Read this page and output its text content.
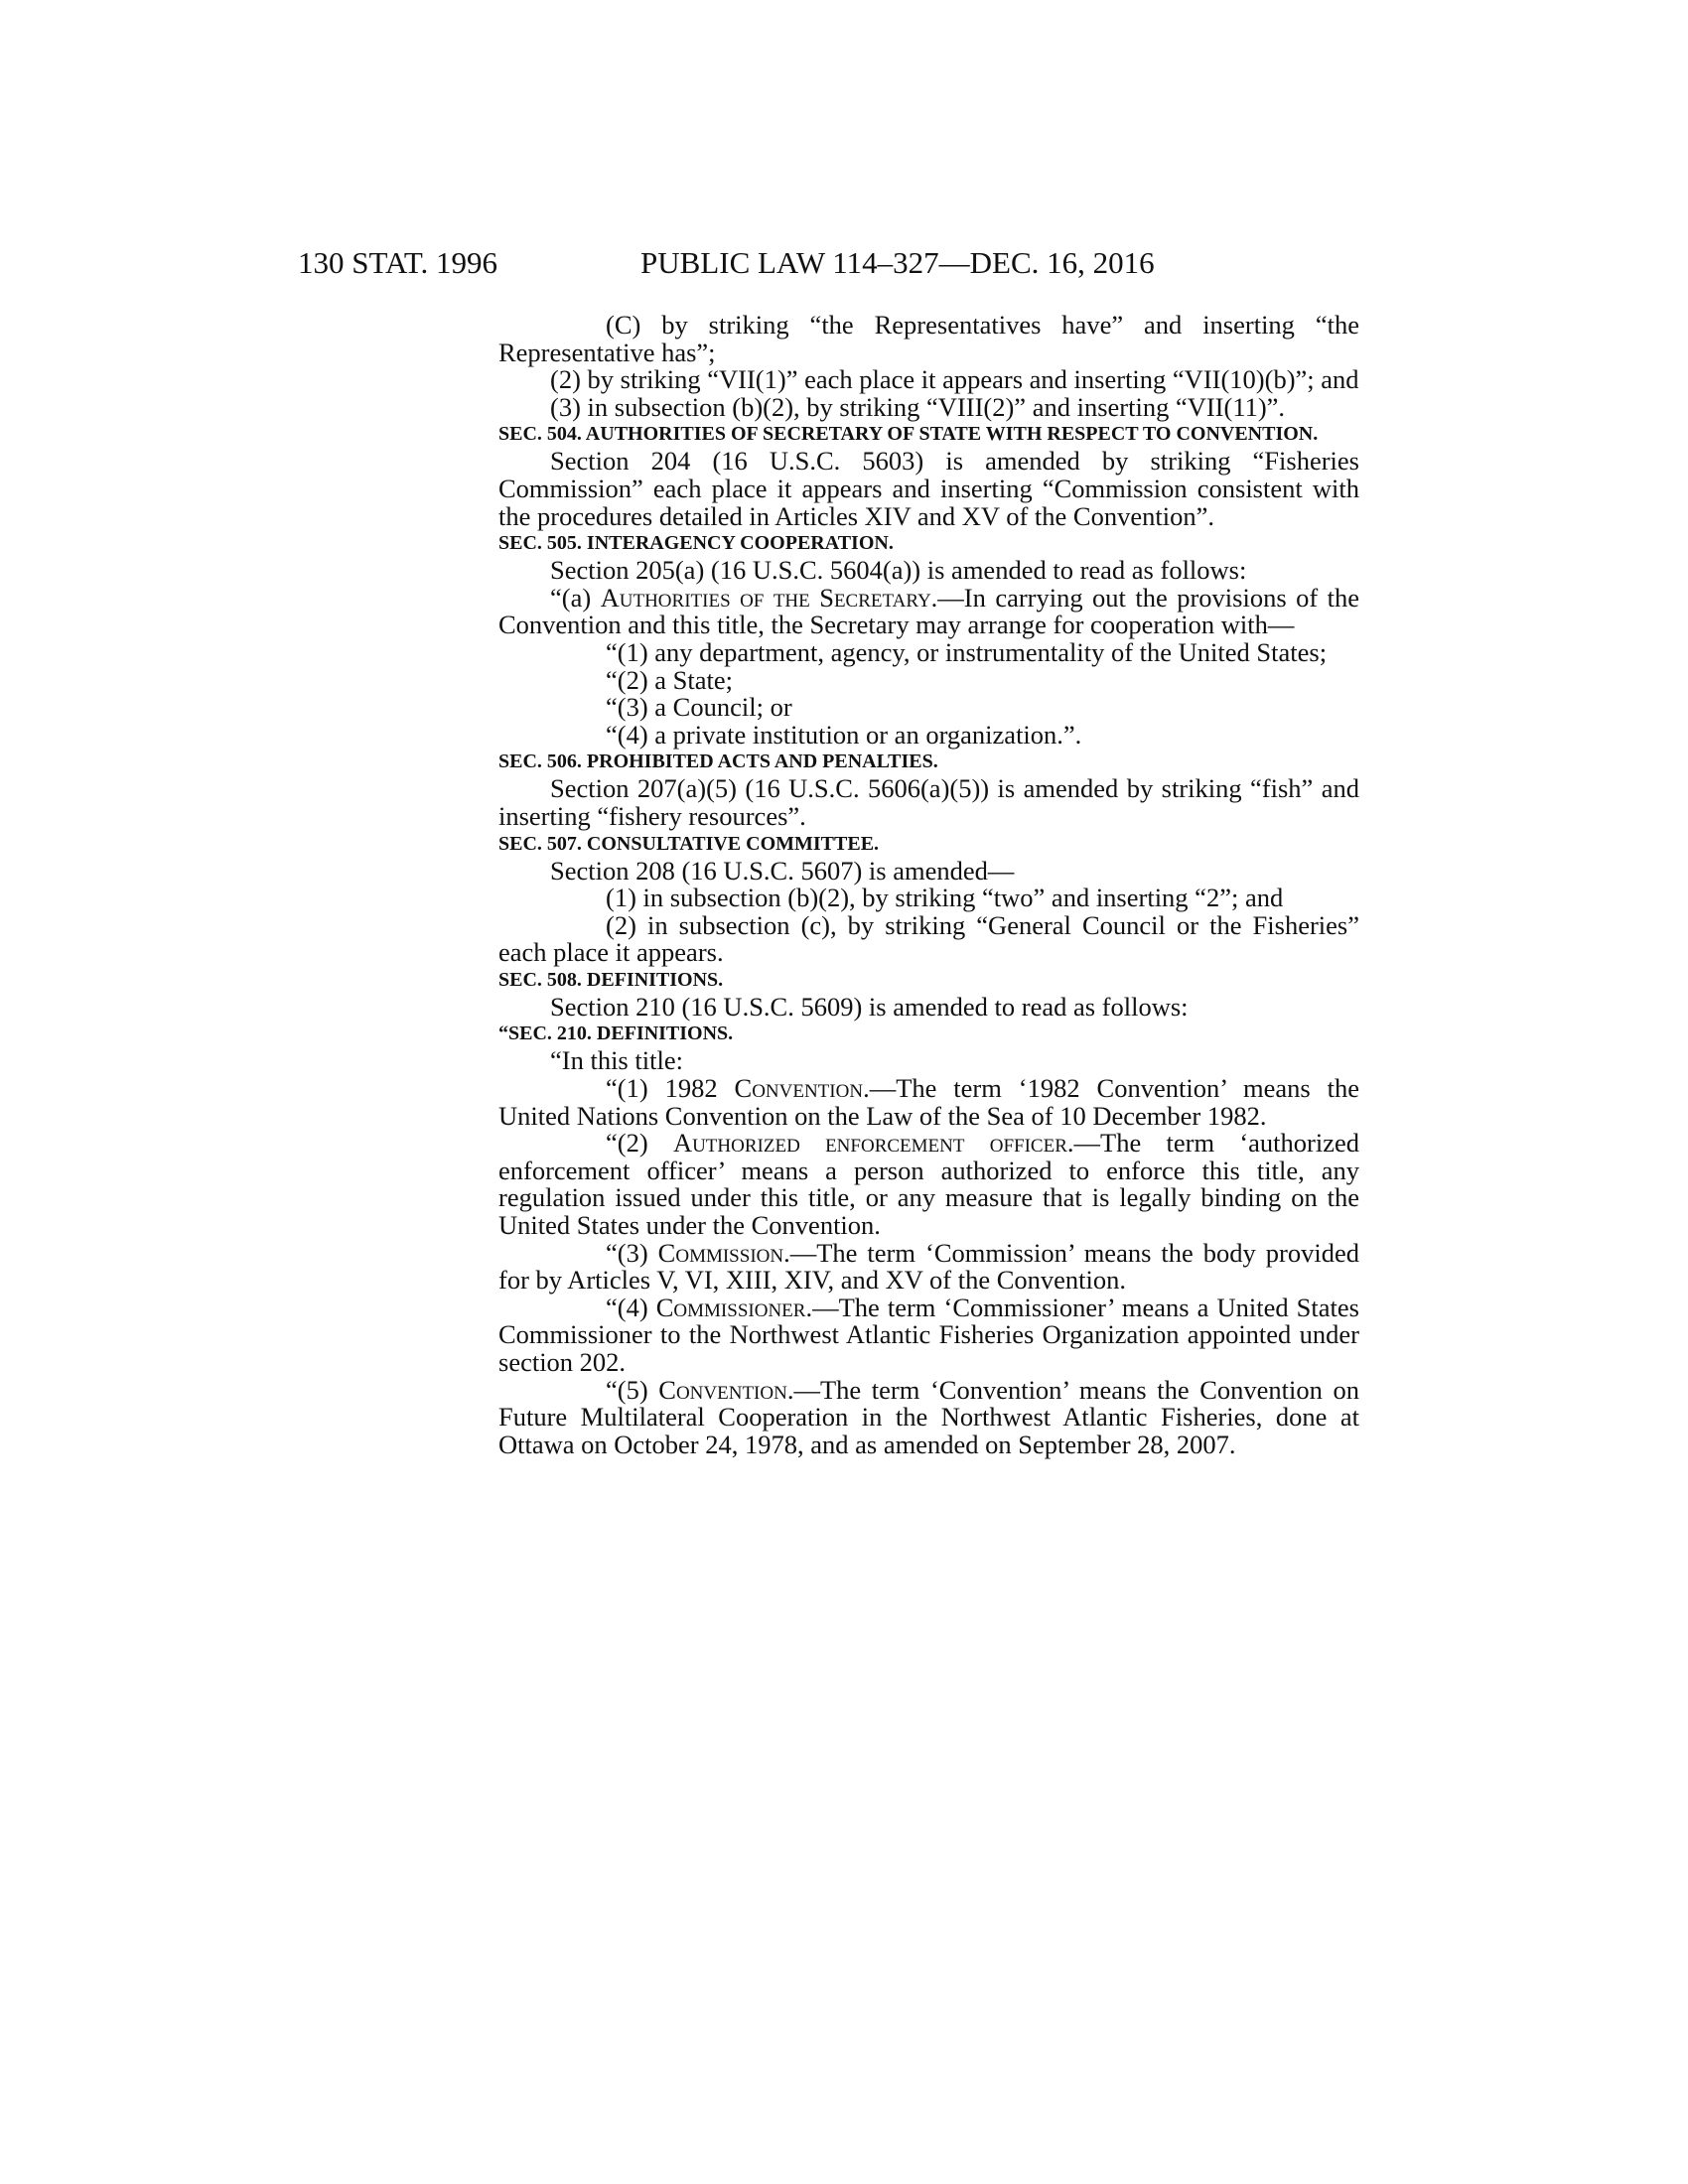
130 STAT. 1996	PUBLIC LAW 114–327—DEC. 16, 2016

(C) by striking “the Representatives have” and inserting “the Representative has”;

(2) by striking “VII(1)” each place it appears and inserting “VII(10)(b)”; and

(3) in subsection (b)(2), by striking “VIII(2)” and inserting “VII(11)”.

SEC. 504. AUTHORITIES OF SECRETARY OF STATE WITH RESPECT TO CONVENTION.

Section 204 (16 U.S.C. 5603) is amended by striking “Fisheries Commission” each place it appears and inserting “Commission consistent with the procedures detailed in Articles XIV and XV of the Convention”.

SEC. 505. INTERAGENCY COOPERATION.

Section 205(a) (16 U.S.C. 5604(a)) is amended to read as follows:

“(a) Authorities of the Secretary.—In carrying out the provisions of the Convention and this title, the Secretary may arrange for cooperation with—

“(1) any department, agency, or instrumentality of the United States;

“(2) a State;

“(3) a Council; or

“(4) a private institution or an organization.”.

SEC. 506. PROHIBITED ACTS AND PENALTIES.

Section 207(a)(5) (16 U.S.C. 5606(a)(5)) is amended by striking “fish” and inserting “fishery resources”.

SEC. 507. CONSULTATIVE COMMITTEE.

Section 208 (16 U.S.C. 5607) is amended—

(1) in subsection (b)(2), by striking “two” and inserting “2”; and

(2) in subsection (c), by striking “General Council or the Fisheries” each place it appears.

SEC. 508. DEFINITIONS.

Section 210 (16 U.S.C. 5609) is amended to read as follows:

“SEC. 210. DEFINITIONS.

“In this title:

“(1) 1982 Convention.—The term ‘1982 Convention’ means the United Nations Convention on the Law of the Sea of 10 December 1982.

“(2) Authorized enforcement officer.—The term ‘authorized enforcement officer’ means a person authorized to enforce this title, any regulation issued under this title, or any measure that is legally binding on the United States under the Convention.

“(3) Commission.—The term ‘Commission’ means the body provided for by Articles V, VI, XIII, XIV, and XV of the Convention.

“(4) Commissioner.—The term ‘Commissioner’ means a United States Commissioner to the Northwest Atlantic Fisheries Organization appointed under section 202.

“(5) Convention.—The term ‘Convention’ means the Convention on Future Multilateral Cooperation in the Northwest Atlantic Fisheries, done at Ottawa on October 24, 1978, and as amended on September 28, 2007.
